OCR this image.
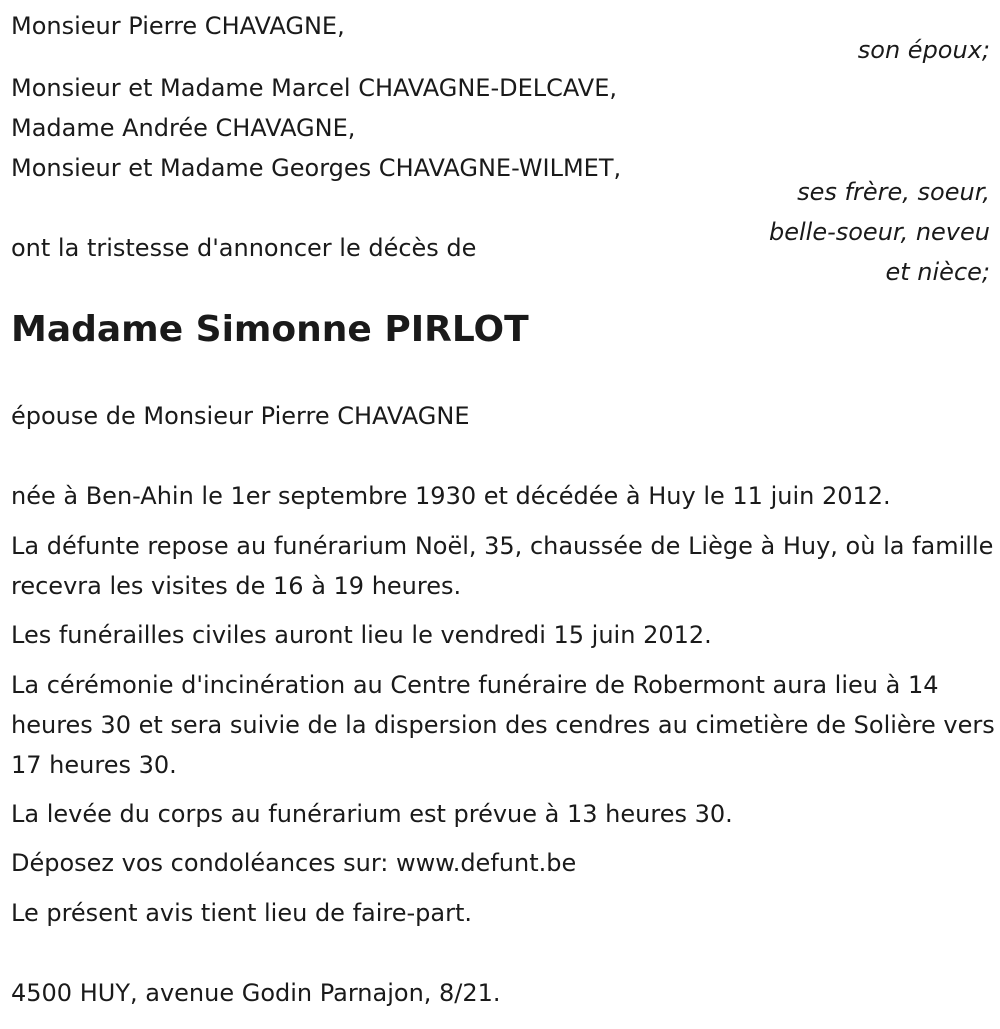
Monsieur Pierre CHAVAGNE,
son époux;
Monsieur et Madame Marcel CHAVAGNE-DELCAVE,
Madame Andrée CHAVAGNE,
Monsieur et Madame Georges CHAVAGNE-WILMET,
ses frère, soeur,
belle-soeur, neveu
et nièce;
ont la tristesse d'annoncer le décès de
Madame Simonne PIRLOT
épouse de Monsieur Pierre CHAVAGNE
née à Ben-Ahin le 1er septembre 1930 et décédée à Huy le 11 juin 2012.
La défunte repose au funérarium Noël, 35, chaussée de Liège à Huy, où la famille recevra les visites de 16 à 19 heures.
Les funérailles civiles auront lieu le vendredi 15 juin 2012.
La cérémonie d'incinération au Centre funéraire de Robermont aura lieu à 14 heures 30 et sera suivie de la dispersion des cendres au cimetière de Solière vers 17 heures 30.
La levée du corps au funérarium est prévue à 13 heures 30.
Déposez vos condoléances sur: www.defunt.be
Le présent avis tient lieu de faire-part.
4500 HUY, avenue Godin Parnajon, 8/21.
